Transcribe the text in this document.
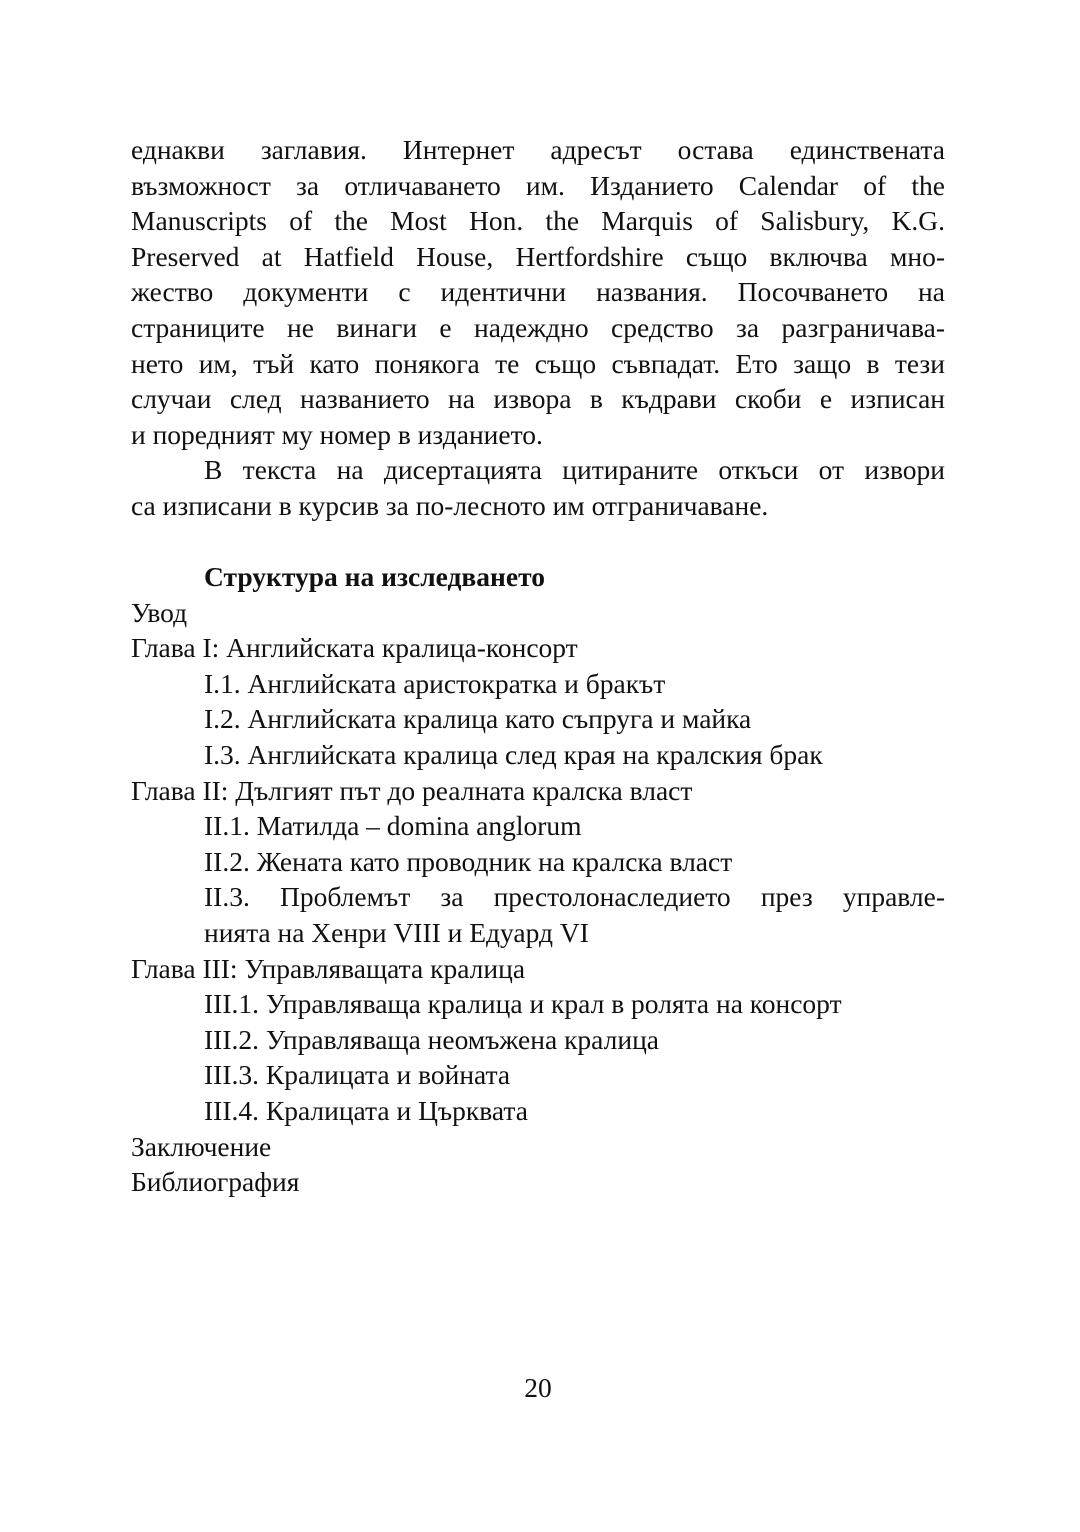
еднакви заглавия. Интернет адресът остава единствената
възможност за отличаването им. Изданието Calendar of the
Manuscripts of the Most Hon. the Marquis of Salisbury, K.G.
Preserved at Hatfield House, Hertfordshire също включва мно-
жество документи с идентични названия. Посочването на
страниците не винаги е надеждно средство за разграничава-
нето им, тъй като понякога те също съвпадат. Ето защо в тези
случаи след названието на извора в къдрави скоби е изписан
и поредният му номер в изданието.
В текста на дисертацията цитираните откъси от извори
са изписани в курсив за по-лесното им отграничаване.
Структура на изследването
Увод
Глава I: Английската кралица-консорт
I.1. Английската аристократка и бракът
I.2. Английската кралица като съпруга и майка
I.3. Английската кралица след края на кралския брак
Глава II: Дългият път до реалната кралска власт
II.1. Матилда – domina anglorum
II.2. Жената като проводник на кралска власт
II.3. Проблемът за престолонаследието през управле-
нията на Хенри VIII и Едуард VI
Глава III: Управляващата кралица
III.1. Управляваща кралица и крал в ролята на консорт
III.2. Управляваща неомъжена кралица
III.3. Кралицата и войната
III.4. Кралицата и Църквата
Заключение
Библиография
20
